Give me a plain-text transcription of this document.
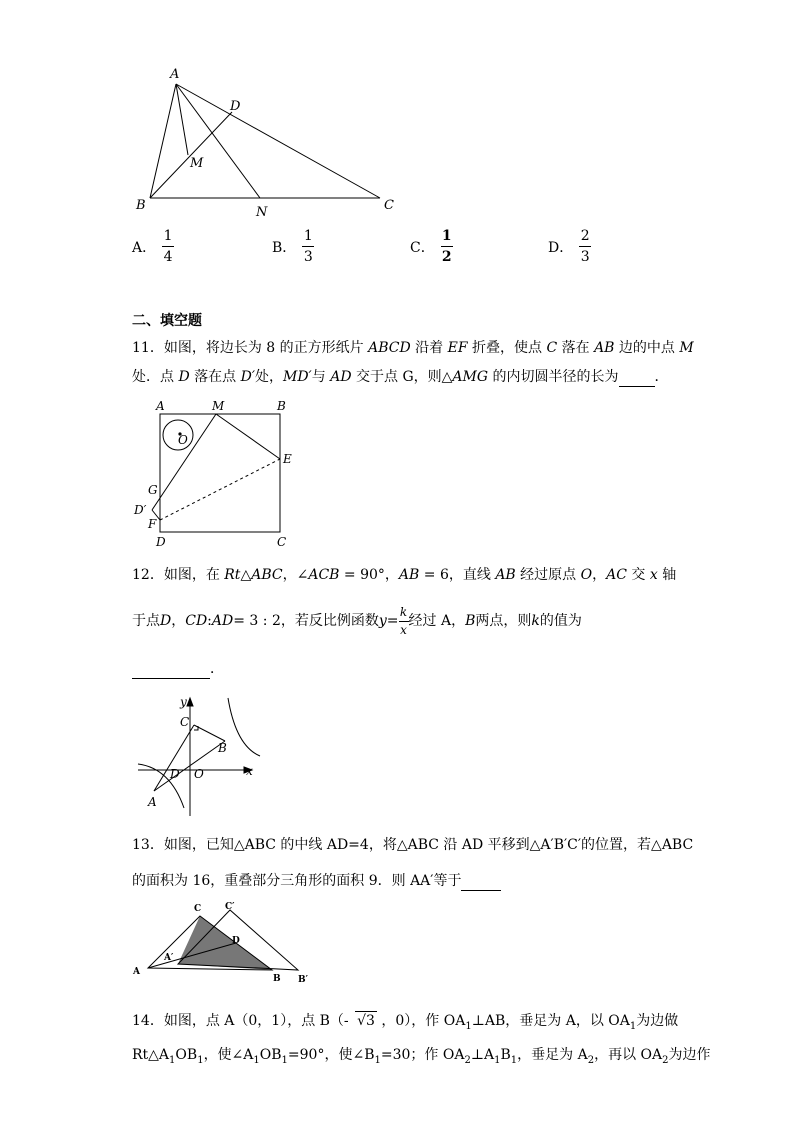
A
D
M
B	N	C
A． $\frac{1}{4}$	B． $\frac{1}{3}$	C． $\frac{1}{2}$	D． $\frac{2}{3}$
二、填空题
11．如图，将边长为 8 的正方形纸片 ABCD 沿着 EF 折叠，使点 C 落在 AB 边的中点 M
处．点 D 落在点 D′处，MD′与 AD 交于点 G，则△AMG 的内切圆半径的长为	．
A	M	B
O
E
G
D′
F
D	C
12．如图，在 Rt△ABC，∠ACB = 90°，AB = 6，直线 AB 经过原点 O，AC 交 x 轴
于点 D ， CD : AD = 3 : 2，若反比例函数 $y = \frac{k}{x}$ 经过 A， B 两点，则 k 的值为
．
y
x
C
B
D O
A
13．如图，已知△ABC 的中线 AD=4，将△ABC 沿 AD 平移到△A′B′C′的位置，若△ABC
的面积为 16，重叠部分三角形的面积 9．则 AA′等于
C	C′
D
A′
A
B B′
14．如图，点 A（0，1），点 B（- √3 ，0），作 $OA_1\perp AB$，垂足为 A，以 $OA_1$为边做
$Rt\triangle A_1OB_1$，使$\angle A_1OB_1=90^\circ$，使$\angle B_1=30$；作 $OA_2\perp A_1B_1$，垂足为 $A_2$，再以 $OA_2$为边作
